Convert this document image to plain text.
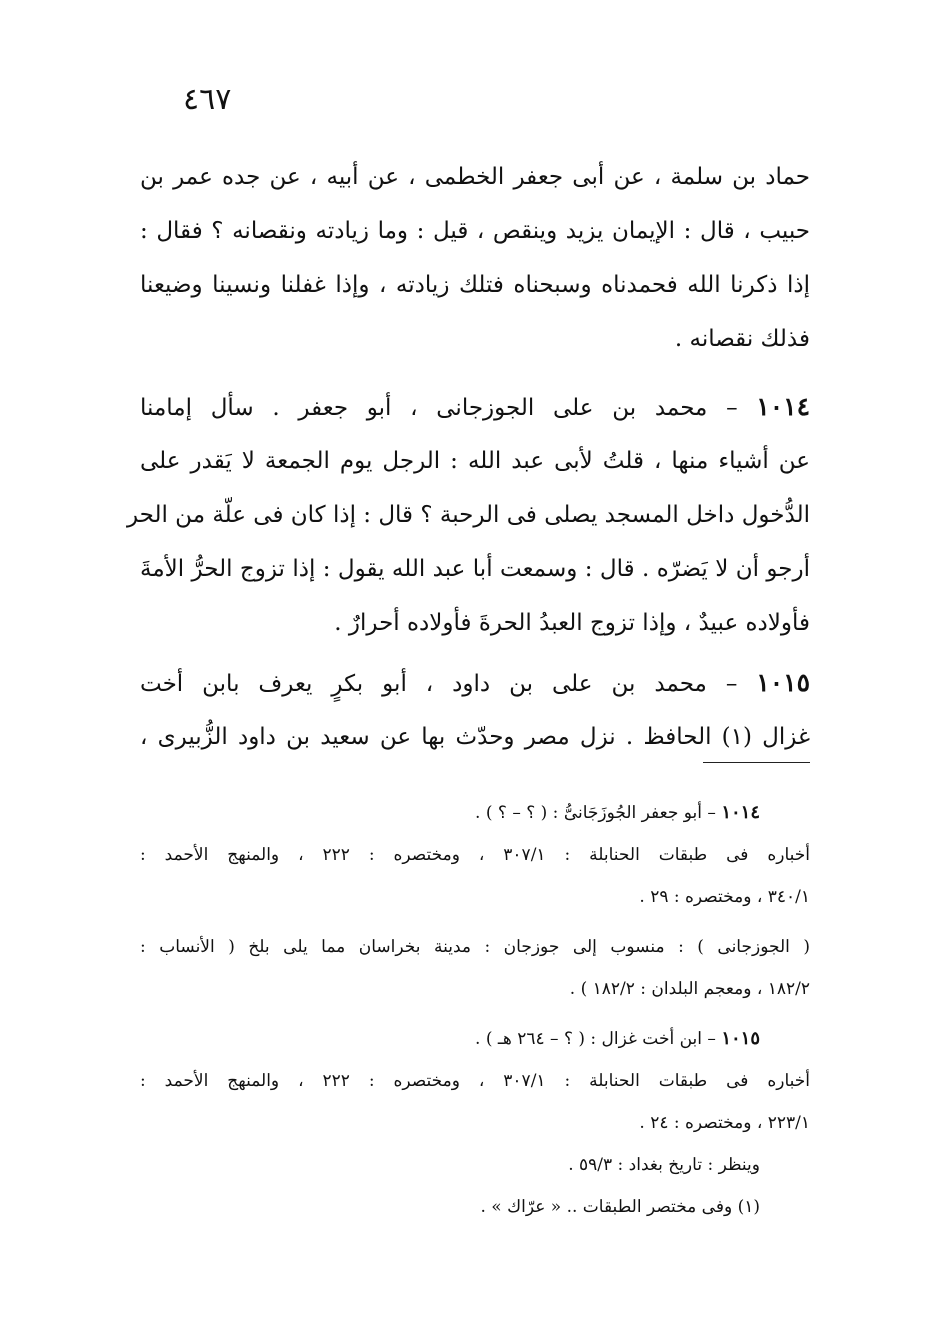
٤٦٧
حماد بن سلمة ، عن أبى جعفر الخطمى ، عن أبيه ، عن جده عمر بن
حبيب ، قال : الإيمان يزيد وينقص ، قيل : وما زيادته ونقصانه ؟ فقال :
إذا ذكرنا الله فحمدناه وسبحناه فتلك زيادته ، وإذا غفلنا ونسينا وضيعنا
فذلك نقصانه .
١٠١٤ – محمد بن على الجوزجانى ، أبو جعفر . سأل إمامنا
عن أشياء منها ، قلتُ لأبى عبد الله : الرجل يوم الجمعة لا يَقدر على
الدُّخول داخل المسجد يصلى فى الرحبة ؟ قال : إذا كان فى علّة من الحر
أرجو أن لا يَضرّه . قال : وسمعت أبا عبد الله يقول : إذا تزوج الحرُّ الأمةَ
فأولاده عبيدٌ ، وإذا تزوج العبدُ الحرةَ فأولاده أحرارٌ .
١٠١٥ – محمد بن على بن داود ، أبو بكرٍ يعرف بابن أخت
غزال (١) الحافظ . نزل مصر وحدّث بها عن سعيد بن داود الزُّبيرى ،
١٠١٤ – أبو جعفر الجُوزَجَانىُّ : ( ؟ – ؟ ) .
أخباره فى طبقات الحنابلة : ٣٠٧/١ ، ومختصره : ٢٢٢ ، والمنهج الأحمد :
٣٤٠/١ ، ومختصره : ٢٩ .
( الجوزجانى ) : منسوب إلى جوزجان : مدينة بخراسان مما يلى بلخ ( الأنساب :
١٨٢/٢ ، ومعجم البلدان : ١٨٢/٢ ) .
١٠١٥ – ابن أخت غزال : ( ؟ – ٢٦٤ هـ ) .
أخباره فى طبقات الحنابلة : ٣٠٧/١ ، ومختصره : ٢٢٢ ، والمنهج الأحمد :
٢٢٣/١ ، ومختصره : ٢٤ .
وينظر : تاريخ بغداد : ٥٩/٣ .
(١) وفى مختصر الطبقات .. « عرّاك » .
